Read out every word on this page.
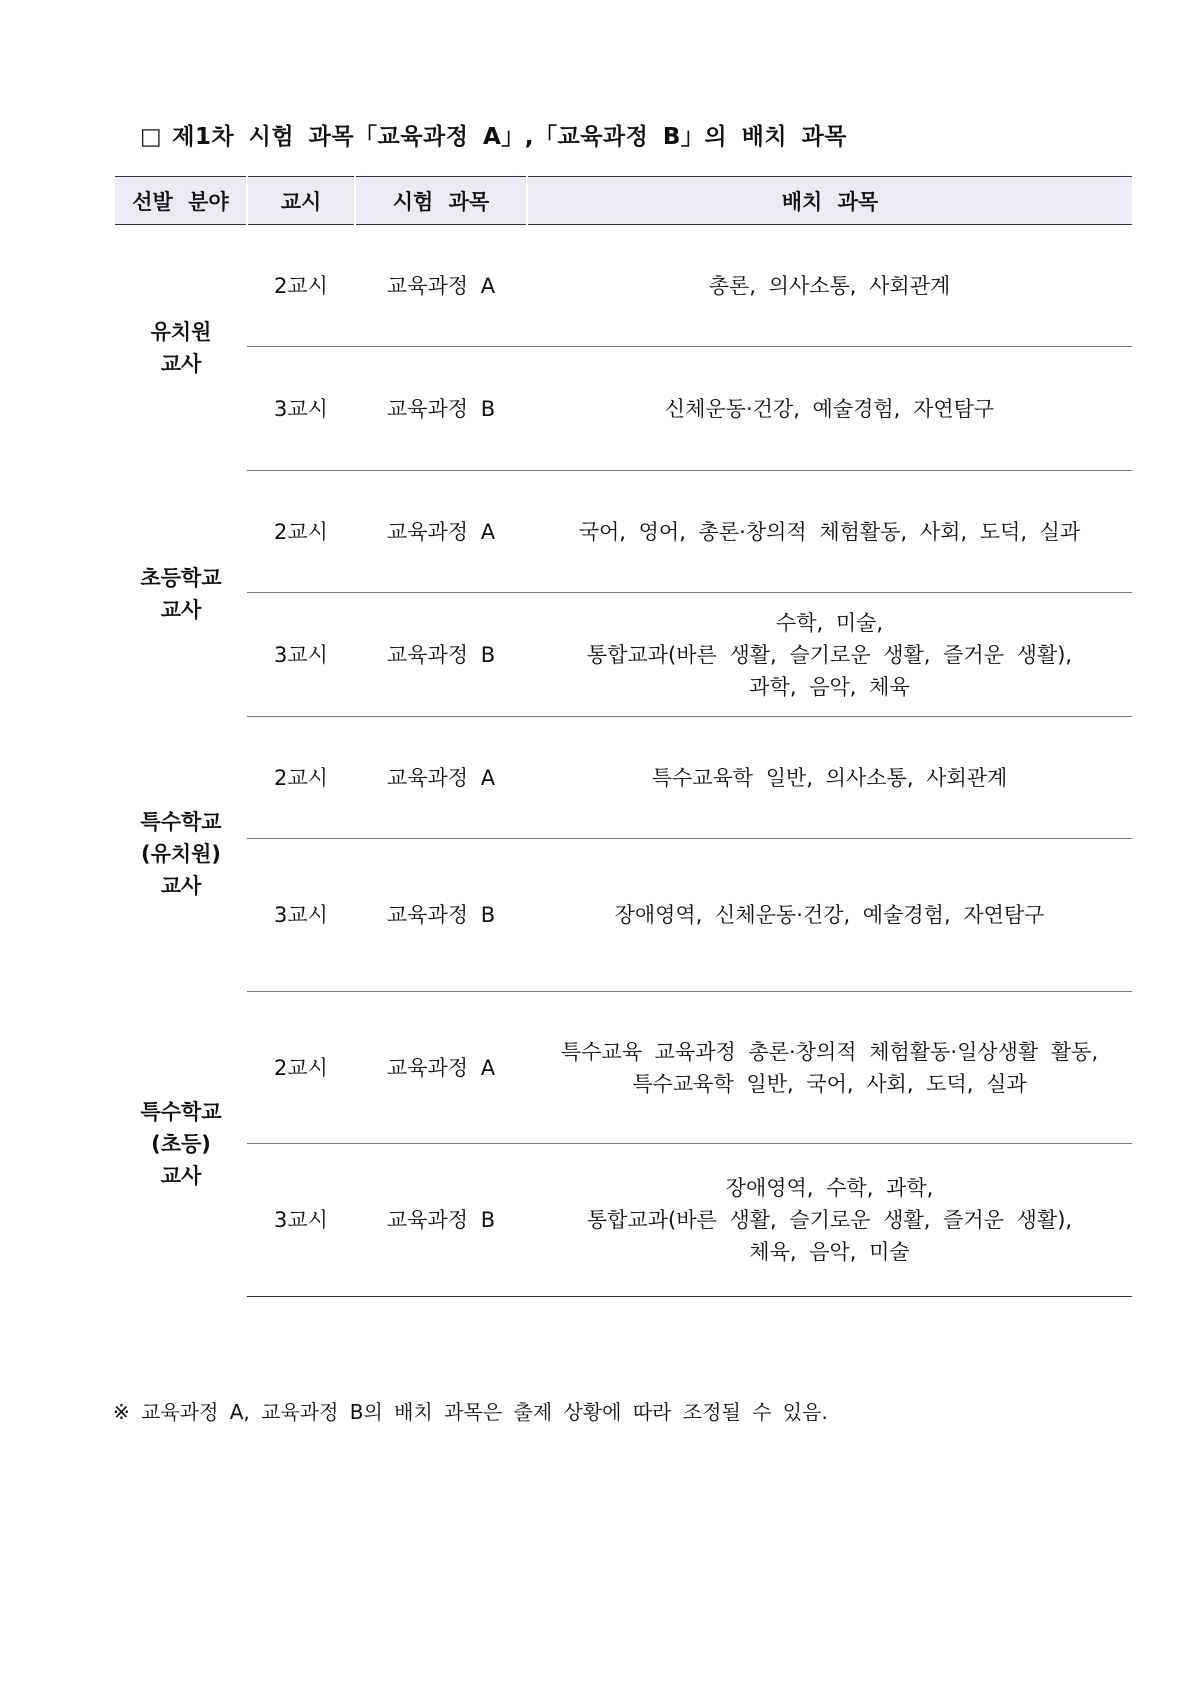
□ 제1차 시험 과목「교육과정 A」,「교육과정 B」의 배치 과목
선발 분야	교시	시험 과목	배치 과목
유치원
교사	2교시	교육과정 A	총론, 의사소통, 사회관계
	3교시	교육과정 B	신체운동·건강, 예술경험, 자연탐구
초등학교
교사	2교시	교육과정 A	국어, 영어, 총론·창의적 체험활동, 사회, 도덕, 실과
	3교시	교육과정 B	수학, 미술,
통합교과(바른 생활, 슬기로운 생활, 즐거운 생활),
과학, 음악, 체육
특수학교
(유치원)
교사	2교시	교육과정 A	특수교육학 일반, 의사소통, 사회관계
	3교시	교육과정 B	장애영역, 신체운동·건강, 예술경험, 자연탐구
특수학교
(초등)
교사	2교시	교육과정 A	특수교육 교육과정 총론·창의적 체험활동·일상생활 활동,
특수교육학 일반, 국어, 사회, 도덕, 실과
	3교시	교육과정 B	장애영역, 수학, 과학,
통합교과(바른 생활, 슬기로운 생활, 즐거운 생활),
체육, 음악, 미술
※ 교육과정 A, 교육과정 B의 배치 과목은 출제 상황에 따라 조정될 수 있음.
